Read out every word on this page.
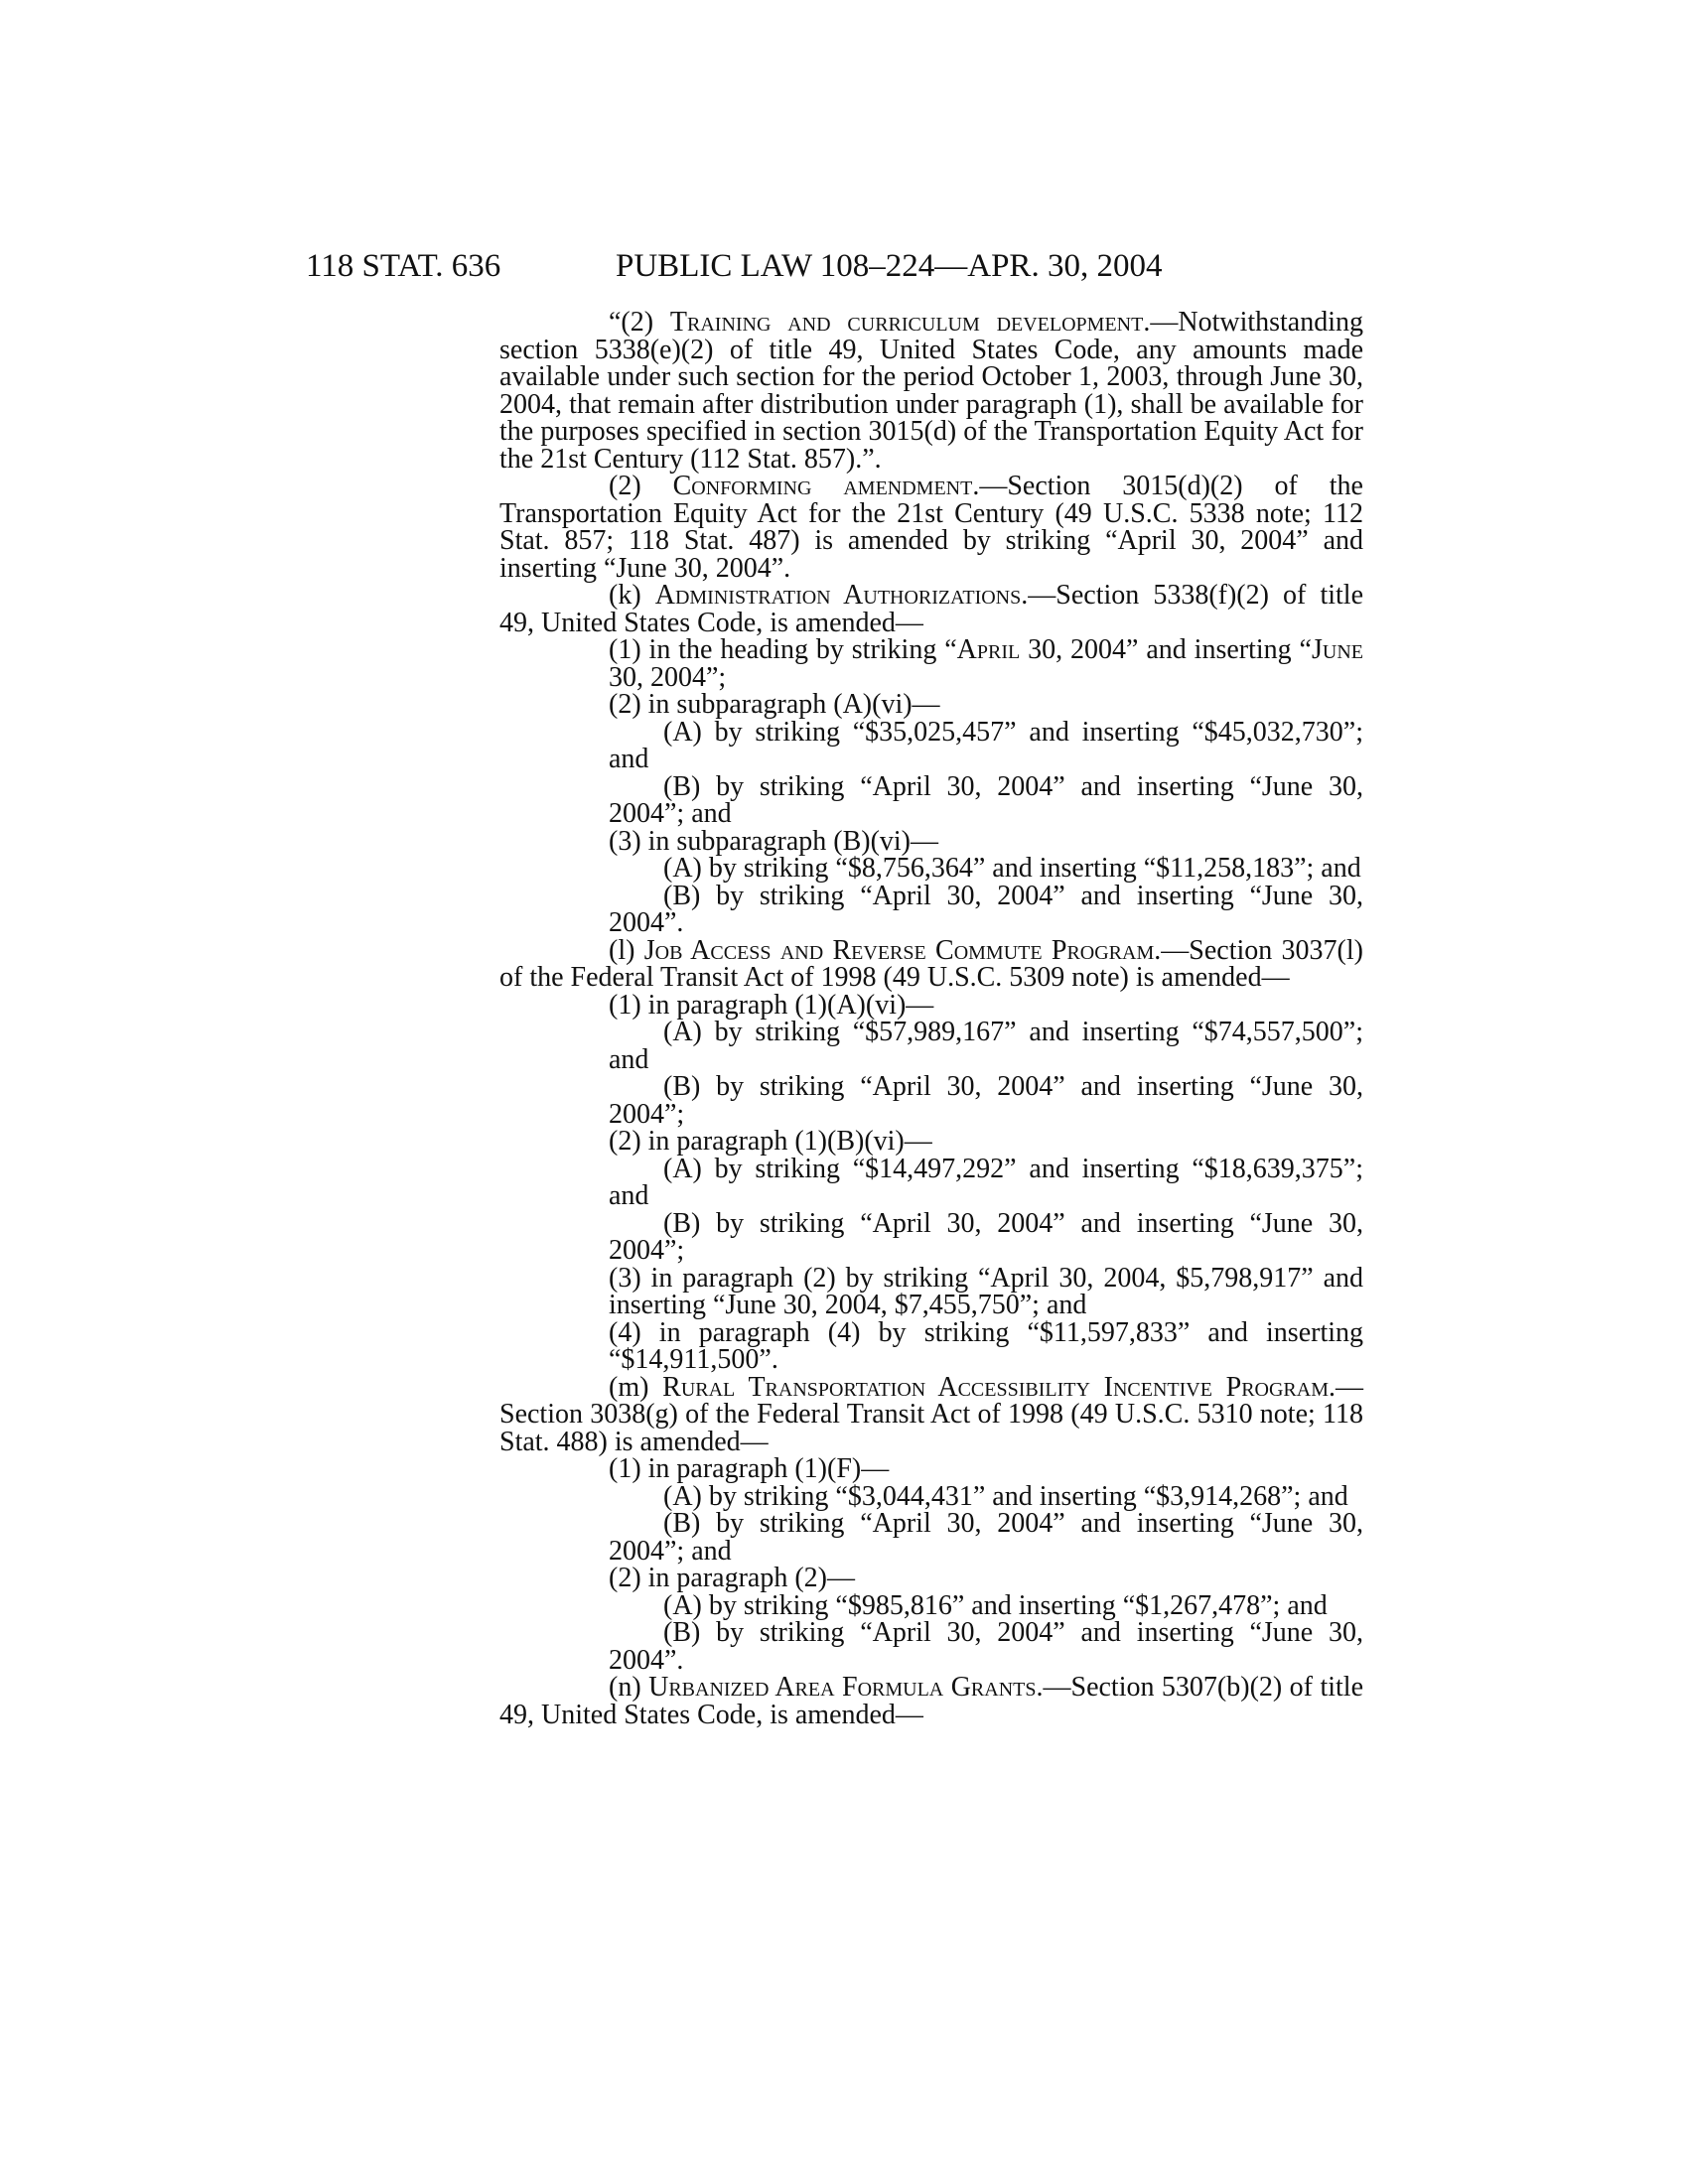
118 STAT. 636	PUBLIC LAW 108–224—APR. 30, 2004

“(2) Training and curriculum development.—Notwithstanding section 5338(e)(2) of title 49, United States Code, any amounts made available under such section for the period October 1, 2003, through June 30, 2004, that remain after distribution under paragraph (1), shall be available for the purposes specified in section 3015(d) of the Transportation Equity Act for the 21st Century (112 Stat. 857).”.

(2) Conforming amendment.—Section 3015(d)(2) of the Transportation Equity Act for the 21st Century (49 U.S.C. 5338 note; 112 Stat. 857; 118 Stat. 487) is amended by striking “April 30, 2004” and inserting “June 30, 2004”.

(k) Administration Authorizations.—Section 5338(f)(2) of title 49, United States Code, is amended—

(1) in the heading by striking “April 30, 2004” and inserting “June 30, 2004”;

(2) in subparagraph (A)(vi)—

(A) by striking “$35,025,457” and inserting “$45,032,730”; and

(B) by striking “April 30, 2004” and inserting “June 30, 2004”; and

(3) in subparagraph (B)(vi)—

(A) by striking “$8,756,364” and inserting “$11,258,183”; and

(B) by striking “April 30, 2004” and inserting “June 30, 2004”.

(l) Job Access and Reverse Commute Program.—Section 3037(l) of the Federal Transit Act of 1998 (49 U.S.C. 5309 note) is amended—

(1) in paragraph (1)(A)(vi)—

(A) by striking “$57,989,167” and inserting “$74,557,500”; and

(B) by striking “April 30, 2004” and inserting “June 30, 2004”;

(2) in paragraph (1)(B)(vi)—

(A) by striking “$14,497,292” and inserting “$18,639,375”; and

(B) by striking “April 30, 2004” and inserting “June 30, 2004”;

(3) in paragraph (2) by striking “April 30, 2004, $5,798,917” and inserting “June 30, 2004, $7,455,750”; and

(4) in paragraph (4) by striking “$11,597,833” and inserting “$14,911,500”.

(m) Rural Transportation Accessibility Incentive Program.—Section 3038(g) of the Federal Transit Act of 1998 (49 U.S.C. 5310 note; 118 Stat. 488) is amended—

(1) in paragraph (1)(F)—

(A) by striking “$3,044,431” and inserting “$3,914,268”; and

(B) by striking “April 30, 2004” and inserting “June 30, 2004”; and

(2) in paragraph (2)—

(A) by striking “$985,816” and inserting “$1,267,478”; and

(B) by striking “April 30, 2004” and inserting “June 30, 2004”.

(n) Urbanized Area Formula Grants.—Section 5307(b)(2) of title 49, United States Code, is amended—
